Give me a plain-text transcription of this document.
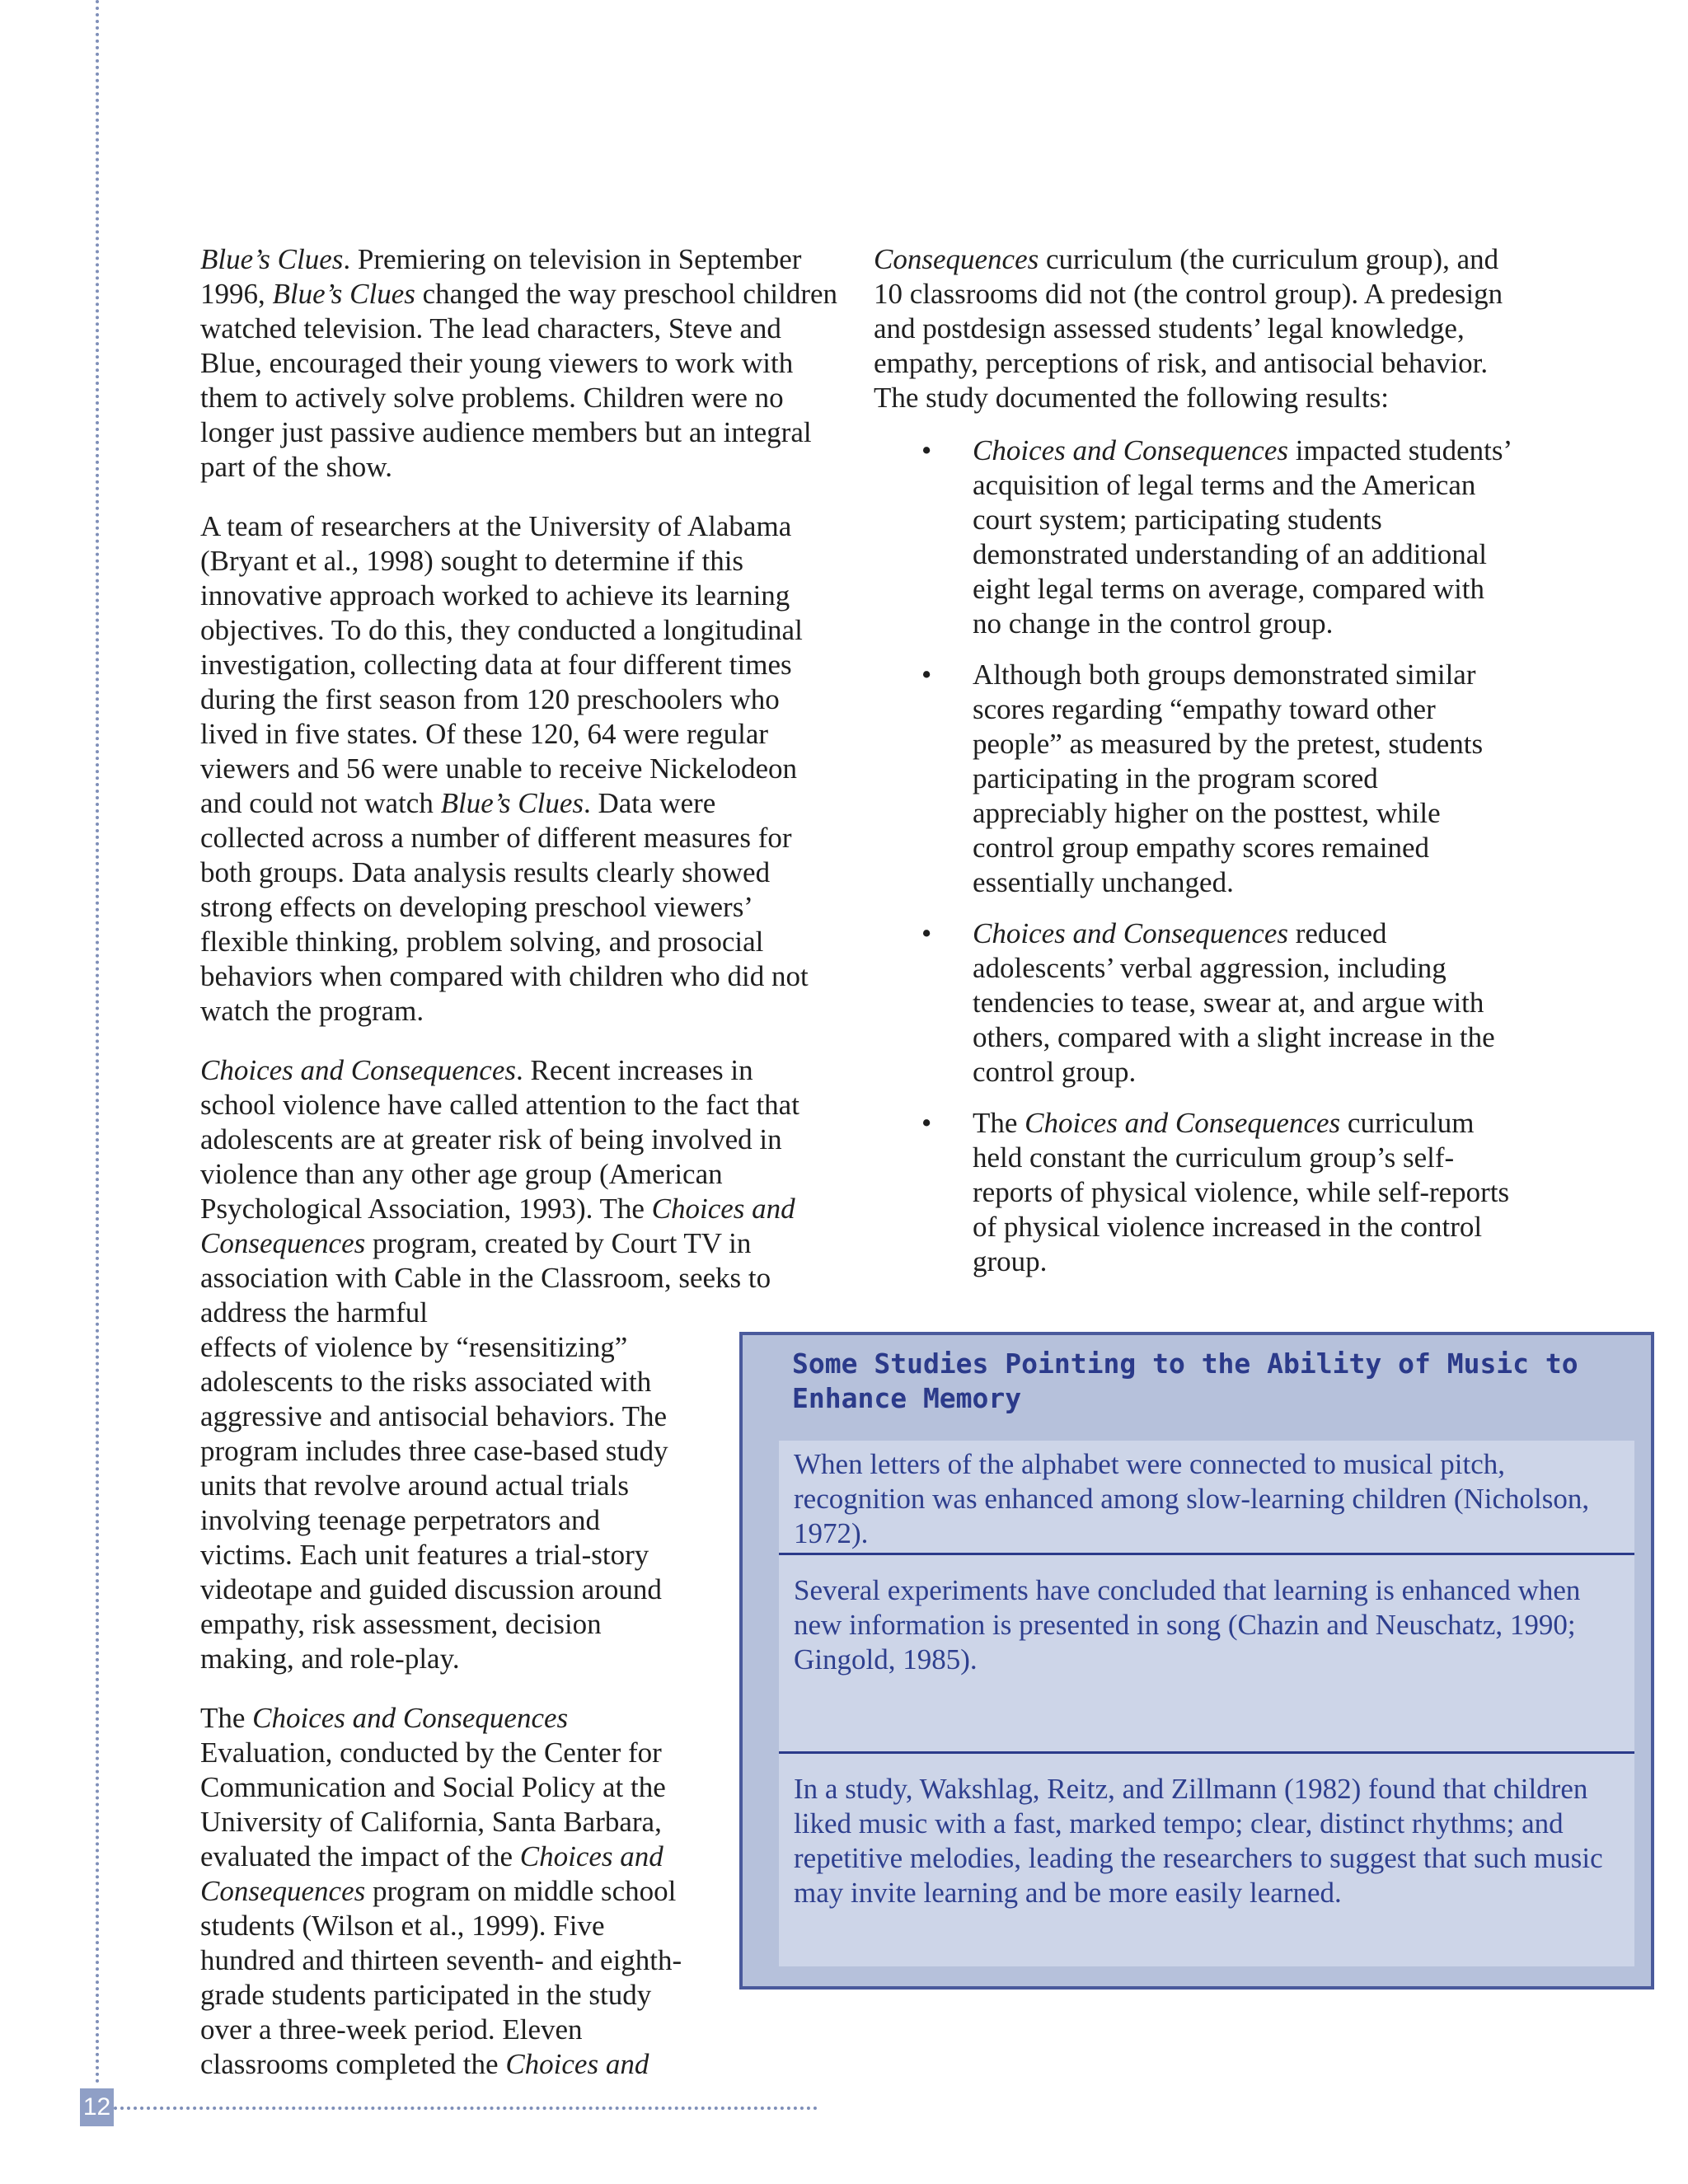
12

Blue’s Clues. Premiering on television in September
1996, Blue’s Clues changed the way preschool children watched television. The lead characters, Steve and Blue, encouraged their young viewers to work with them to actively solve problems. Children were no longer just passive audience members but an integral part of the show.

A team of researchers at the University of Alabama (Bryant et al., 1998) sought to determine if this innovative approach worked to achieve its learning objectives. To do this, they conducted a longitudinal investigation, collecting data at four different times during the first season from 120 preschoolers who lived in five states. Of these 120, 64 were regular viewers and 56 were unable to receive Nickelodeon and could not watch Blue’s Clues. Data were collected across a number of different measures for both groups. Data analysis results clearly showed strong effects on developing preschool viewers’ flexible thinking, problem solving, and prosocial behaviors when compared with children who did not watch the program.

Choices and Consequences. Recent increases in school violence have called attention to the fact that adolescents are at greater risk of being involved in violence than any other age group (American Psychological Association, 1993). The Choices and Consequences program, created by Court TV in association with Cable in the Classroom, seeks to address the harmful

effects of violence by “resensitizing” adolescents to the risks associated with aggressive and antisocial behaviors. The program includes three case-based study units that revolve around actual trials involving teenage perpetrators and victims. Each unit features a trial-story videotape and guided discussion around empathy, risk assessment, decision making, and role-play.
The Choices and Consequences Evaluation, conducted by the Center for Communication and Social Policy at the University of California, Santa Barbara, evaluated the impact of the Choices and Consequences program on middle school students (Wilson et al., 1999). Five hundred and thirteen seventh- and eighth-grade students participated in the study over a three-week period. Eleven classrooms completed the Choices and

Consequences curriculum (the curriculum group), and 10 classrooms did not (the control group). A predesign and postdesign assessed students’ legal knowledge, empathy, perceptions of risk, and antisocial behavior. The study documented the following results:

• Choices and Consequences impacted students’ acquisition of legal terms and the American court system; participating students demonstrated understanding of an additional eight legal terms on average, compared with no change in the control group.
• Although both groups demonstrated similar scores regarding “empathy toward other people” as measured by the pretest, students participating in the program scored appreciably higher on the posttest, while control group empathy scores remained essentially unchanged.
• Choices and Consequences reduced adolescents’ verbal aggression, including tendencies to tease, swear at, and argue with others, compared with a slight increase in the control group.
• The Choices and Consequences curriculum held constant the curriculum group’s self-reports of physical violence, while self-reports of physical violence increased in the control group.
Some Studies Pointing to the Ability of Music to Enhance Memory

When letters of the alphabet were connected to musical pitch, recognition was enhanced among slow-learning children (Nicholson, 1972).

Several experiments have concluded that learning is enhanced when new information is presented in song (Chazin and Neuschatz, 1990; Gingold, 1985).

In a study, Wakshlag, Reitz, and Zillmann (1982) found that children liked music with a fast, marked tempo; clear, distinct rhythms; and repetitive melodies, leading the researchers to suggest that such music may invite learning and be more easily learned.
